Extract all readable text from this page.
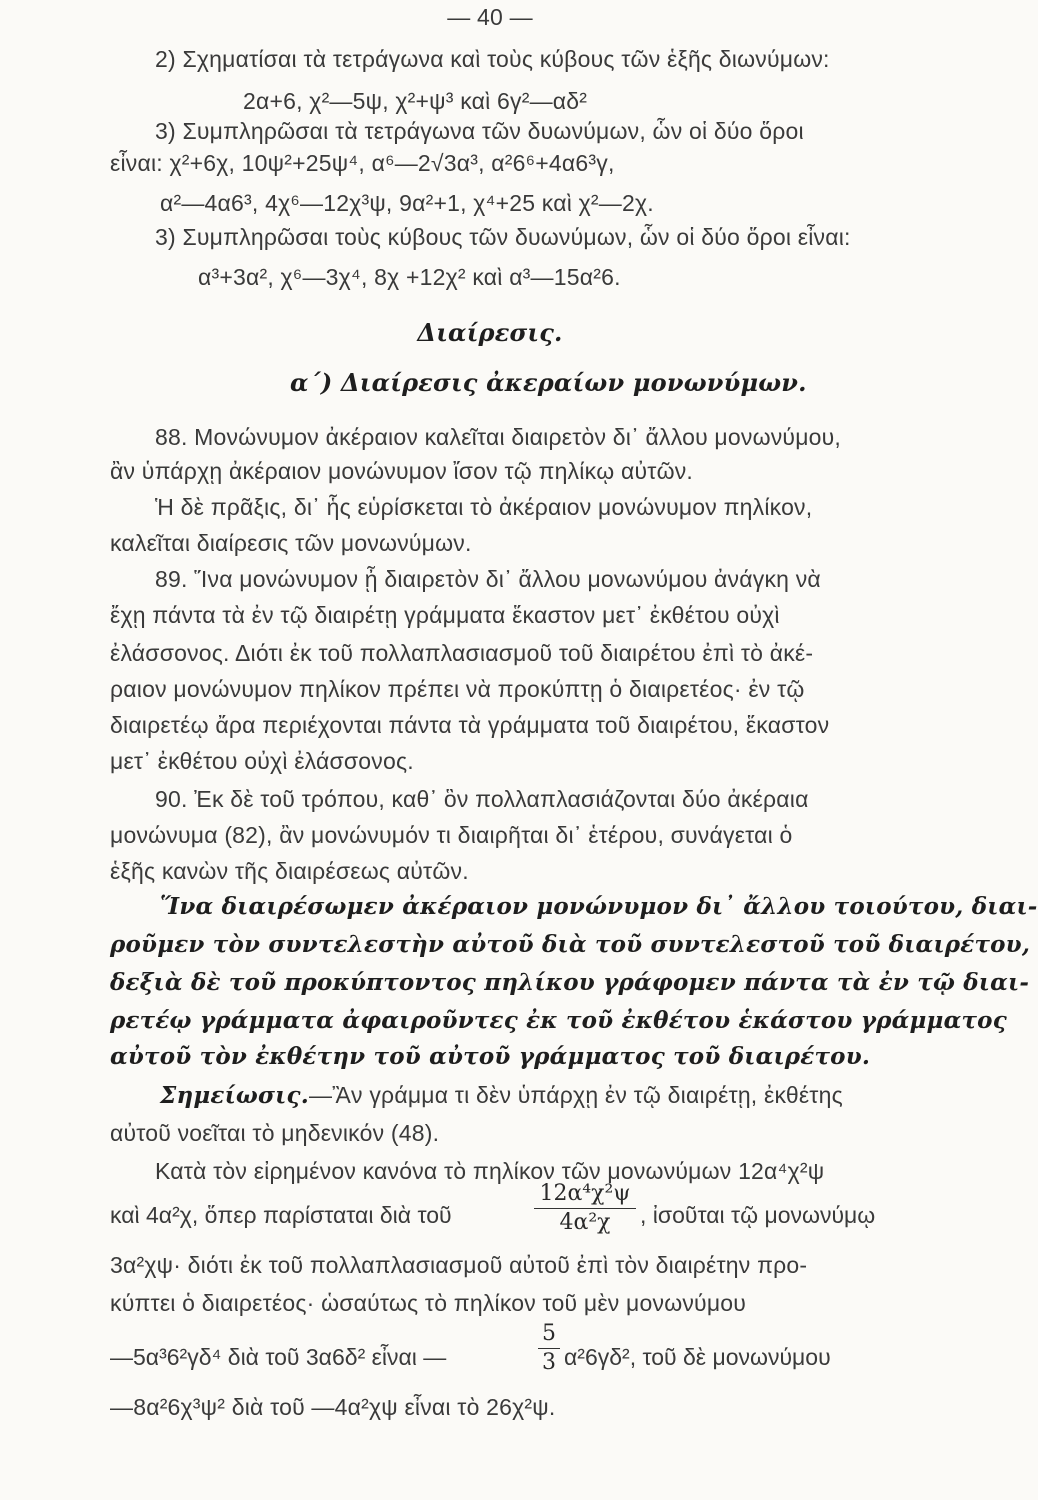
— 40 —
2) Σχηματίσαι τὰ τετράγωνα καὶ τοὺς κύβους τῶν ἑξῆς διωνύμων:
2α+6, χ²—5ψ, χ²+ψ³ καὶ 6γ²—αδ²
3) Συμπληρῶσαι τὰ τετράγωνα τῶν δυωνύμων, ὧν οἱ δύο ὅροι
εἶναι: χ²+6χ, 10ψ²+25ψ⁴, α⁶—2√3α³, α²6⁶+4α6³γ,
α²—4α6³, 4χ⁶—12χ³ψ, 9α²+1, χ⁴+25 καὶ χ²—2χ.
3) Συμπληρῶσαι τοὺς κύβους τῶν δυωνύμων, ὧν οἱ δύο ὅροι εἶναι:
α³+3α², χ⁶—3χ⁴, 8χ +12χ² καὶ α³—15α²6.
Διαίρεσις.
α΄) Διαίρεσις ἀκεραίων μονωνύμων.
88. Μονώνυμον ἀκέραιον καλεῖται διαιρετὸν δι᾽ ἄλλου μονωνύμου,
ἂν ὑπάρχῃ ἀκέραιον μονώνυμον ἴσον τῷ πηλίκῳ αὐτῶν.
Ἡ δὲ πρᾶξις, δι᾽ ἧς εὑρίσκεται τὸ ἀκέραιον μονώνυμον πηλίκον,
καλεῖται διαίρεσις τῶν μονωνύμων.
89. Ἵνα μονώνυμον ᾖ διαιρετὸν δι᾽ ἄλλου μονωνύμου ἀνάγκη νὰ
ἔχῃ πάντα τὰ ἐν τῷ διαιρέτῃ γράμματα ἕκαστον μετ᾽ ἐκθέτου οὐχὶ
ἐλάσσονος. Διότι ἐκ τοῦ πολλαπλασιασμοῦ τοῦ διαιρέτου ἐπὶ τὸ ἀκέ-
ραιον μονώνυμον πηλίκον πρέπει νὰ προκύπτῃ ὁ διαιρετέος· ἐν τῷ
διαιρετέῳ ἄρα περιέχονται πάντα τὰ γράμματα τοῦ διαιρέτου, ἕκαστον
μετ᾽ ἐκθέτου οὐχὶ ἐλάσσονος.
90. Ἐκ δὲ τοῦ τρόπου, καθ᾽ ὃν πολλαπλασιάζονται δύο ἀκέραια
μονώνυμα (82), ἂν μονώνυμόν τι διαιρῆται δι᾽ ἑτέρου, συνάγεται ὁ
ἑξῆς κανὼν τῆς διαιρέσεως αὐτῶν.
Ἵνα διαιρέσωμεν ἀκέραιον μονώνυμον δι᾽ ἄλλου τοιούτου, διαι-
ροῦμεν τὸν συντελεστὴν αὐτοῦ διὰ τοῦ συντελεστοῦ τοῦ διαιρέτου,
δεξιὰ δὲ τοῦ προκύπτοντος πηλίκου γράφομεν πάντα τὰ ἐν τῷ διαι-
ρετέῳ γράμματα ἀφαιροῦντες ἐκ τοῦ ἐκθέτου ἑκάστου γράμματος
αὐτοῦ τὸν ἐκθέτην τοῦ αὐτοῦ γράμματος τοῦ διαιρέτου.
Σημείωσις.—Ἂν γράμμα τι δὲν ὑπάρχῃ ἐν τῷ διαιρέτῃ, ἐκθέτης
αὐτοῦ νοεῖται τὸ μηδενικόν (48).
Κατὰ τὸν εἰρημένον κανόνα τὸ πηλίκον τῶν μονωνύμων 12α⁴χ²ψ
καὶ 4α²χ, ὅπερ παρίσταται διὰ τοῦ
12α⁴χ²ψ
4α²χ	, ἰσοῦται τῷ μονωνύμῳ
3α²χψ· διότι ἐκ τοῦ πολλαπλασιασμοῦ αὐτοῦ ἐπὶ τὸν διαιρέτην προ-
κύπτει ὁ διαιρετέος· ὡσαύτως τὸ πηλίκον τοῦ μὲν μονωνύμου
—5α³6²γδ⁴ διὰ τοῦ 3α6δ² εἶναι —
5
3 α²6γδ², τοῦ δὲ μονωνύμου
—8α²6χ³ψ² διὰ τοῦ —4α²χψ εἶναι τὸ 26χ²ψ.
